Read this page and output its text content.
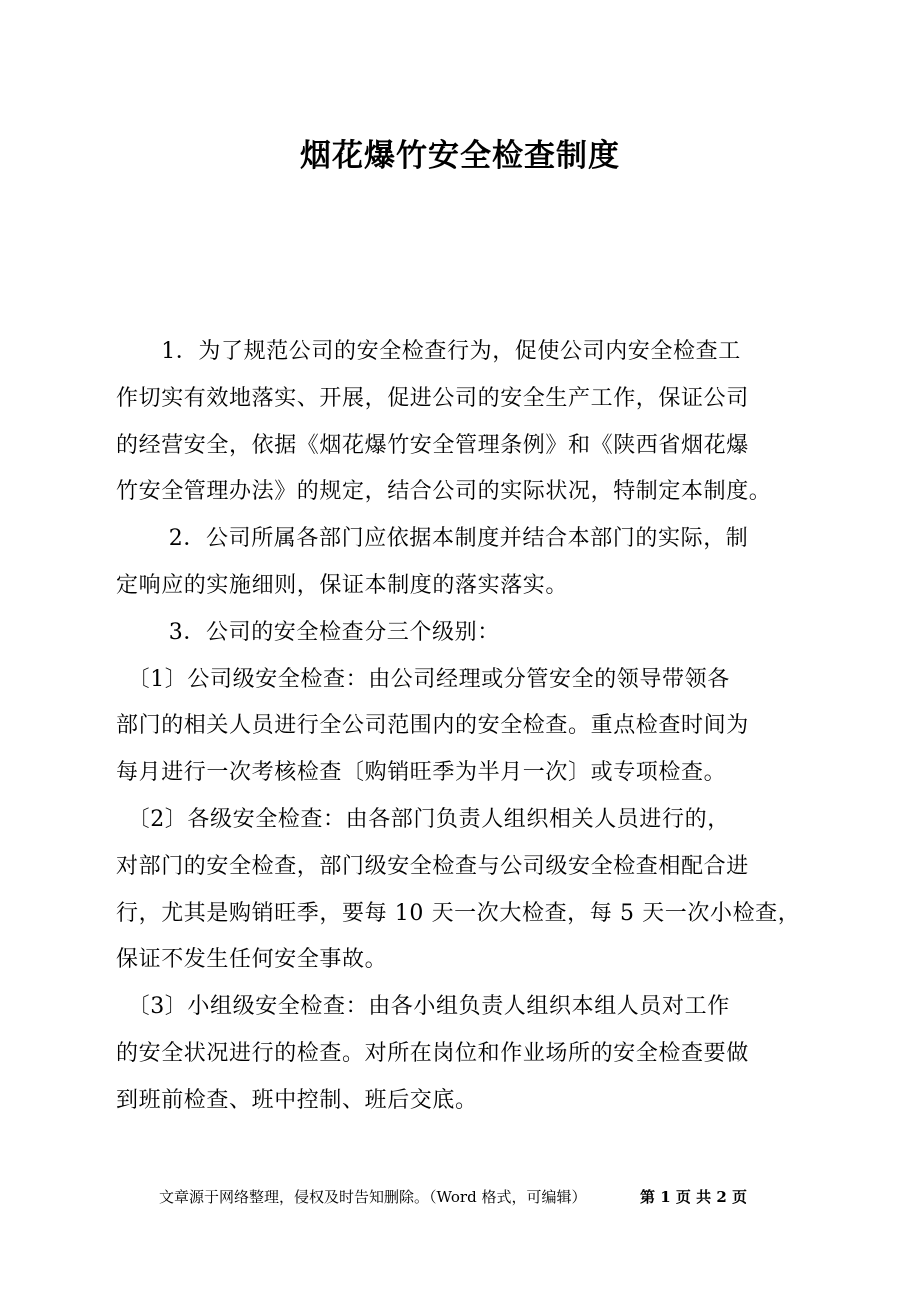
烟花爆竹安全检查制度
　　1．为了规范公司的安全检查行为，促使公司内安全检查工
作切实有效地落实、开展，促进公司的安全生产工作，保证公司
的经营安全，依据《烟花爆竹安全管理条例》和《陕西省烟花爆
竹安全管理办法》的规定，结合公司的实际状况，特制定本制度。
　　 2．公司所属各部门应依据本制度并结合本部门的实际，制
定响应的实施细则，保证本制度的落实落实。
　　 3．公司的安全检查分三个级别：
　〔1〕公司级安全检查：由公司经理或分管安全的领导带领各
部门的相关人员进行全公司范围内的安全检查。重点检查时间为
每月进行一次考核检查〔购销旺季为半月一次〕或专项检查。
　〔2〕各级安全检查：由各部门负责人组织相关人员进行的，
对部门的安全检查，部门级安全检查与公司级安全检查相配合进
行，尤其是购销旺季，要每 10 天一次大检查，每 5 天一次小检查，
保证不发生任何安全事故。
　〔3〕小组级安全检查：由各小组负责人组织本组人员对工作
的安全状况进行的检查。对所在岗位和作业场所的安全检查要做
到班前检查、班中控制、班后交底。
文章源于网络整理，侵权及时告知删除。（Word 格式，可编辑）	第 1 页 共 2 页
